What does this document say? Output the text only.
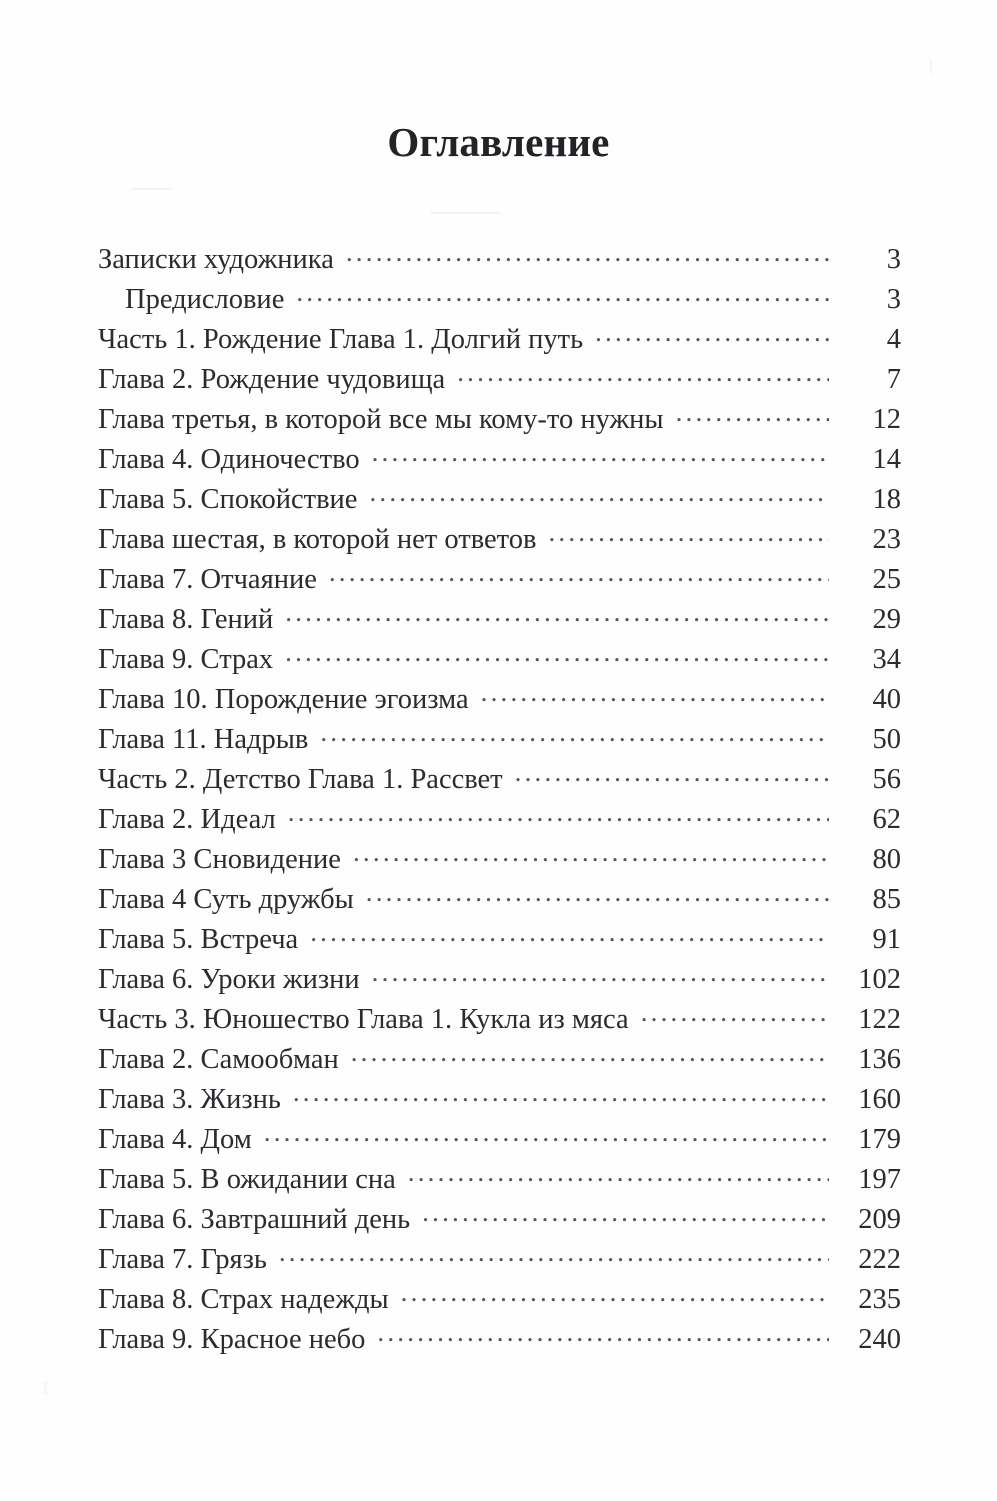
Оглавление
Записки художника .....	3
Предисловие .....	3
Часть 1. Рождение Глава 1. Долгий путь .....	4
Глава 2. Рождение чудовища .....	7
Глава третья, в которой все мы кому-то нужны .....	12
Глава 4. Одиночество .....	14
Глава 5. Спокойствие .....	18
Глава шестая, в которой нет ответов .....	23
Глава 7. Отчаяние .....	25
Глава 8. Гений .....	29
Глава 9. Страх .....	34
Глава 10. Порождение эгоизма .....	40
Глава 11. Надрыв .....	50
Часть 2. Детство Глава 1. Рассвет .....	56
Глава 2. Идеал .....	62
Глава 3 Сновидение .....	80
Глава 4 Суть дружбы .....	85
Глава 5. Встреча .....	91
Глава 6. Уроки жизни .....	102
Часть 3. Юношество Глава 1. Кукла из мяса .....	122
Глава 2. Самообман .....	136
Глава 3. Жизнь .....	160
Глава 4. Дом .....	179
Глава 5. В ожидании сна .....	197
Глава 6. Завтрашний день .....	209
Глава 7. Грязь .....	222
Глава 8. Страх надежды .....	235
Глава 9. Красное небо .....	240
